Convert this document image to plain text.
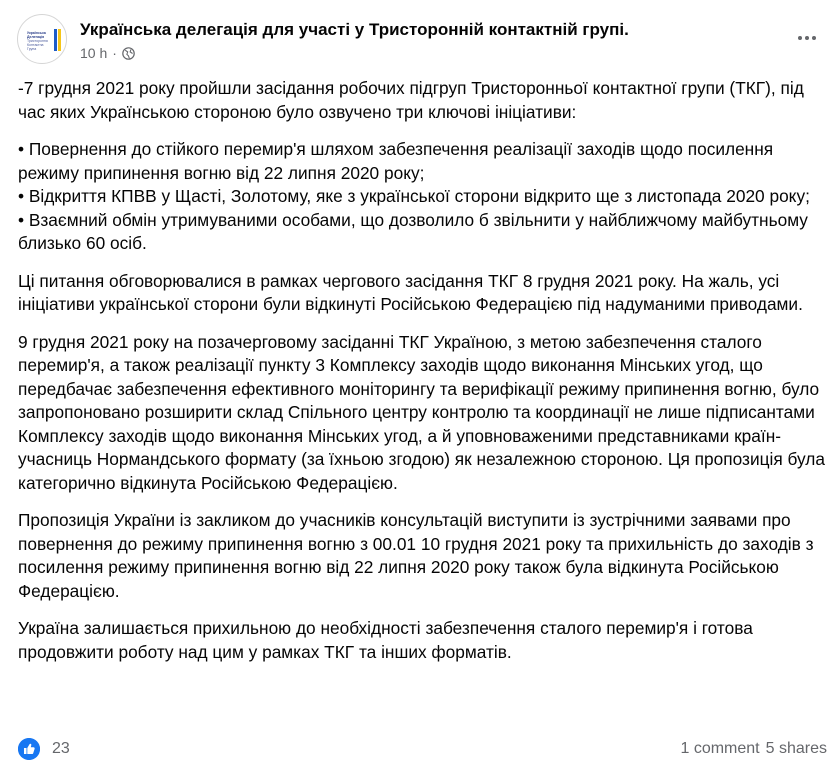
Українська
Делегація
Тристороння
Контактна
Група
Українська делегація для участі у Тристоронній контактній групі.
10 h ·

-7 грудня 2021 року пройшли засідання робочих підгруп Тристоронньої контактної групи (ТКГ), під час яких Українською стороною було озвучено три ключові ініціативи:

• Повернення до стійкого перемир'я шляхом забезпечення реалізації заходів щодо посилення режиму припинення вогню від 22 липня 2020 року;
• Відкриття КПВВ у Щасті, Золотому, яке з української сторони відкрито ще з листопада 2020 року;
• Взаємний обмін утримуваними особами, що дозволило б звільнити у найближчому майбутньому близько 60 осіб.

Ці питання обговорювалися в рамках чергового засідання ТКГ 8 грудня 2021 року. На жаль, усі ініціативи української сторони були відкинуті Російською Федерацією під надуманими приводами.

9 грудня 2021 року на позачерговому засіданні ТКГ Україною, з метою забезпечення сталого перемир'я, а також реалізації пункту 3 Комплексу заходів щодо виконання Мінських угод, що передбачає забезпечення ефективного моніторингу та верифікації режиму припинення вогню, було запропоновано розширити склад Спільного центру контролю та координації не лише підписантами Комплексу заходів щодо виконання Мінських угод, а й уповноваженими представниками країн-учасниць Нормандського формату (за їхньою згодою) як незалежною стороною. Ця пропозиція була категорично відкинута Російською Федерацією.

Пропозиція України із закликом до учасників консультацій виступити із зустрічними заявами про повернення до режиму припинення вогню з 00.01 10 грудня 2021 року та прихильність до заходів з посилення режиму припинення вогню від 22 липня 2020 року також була відкинута Російською Федерацією.

Україна залишається прихильною до необхідності забезпечення сталого перемир'я і готова продовжити роботу над цим у рамках ТКГ та інших форматів.

23	1 comment 5 shares
